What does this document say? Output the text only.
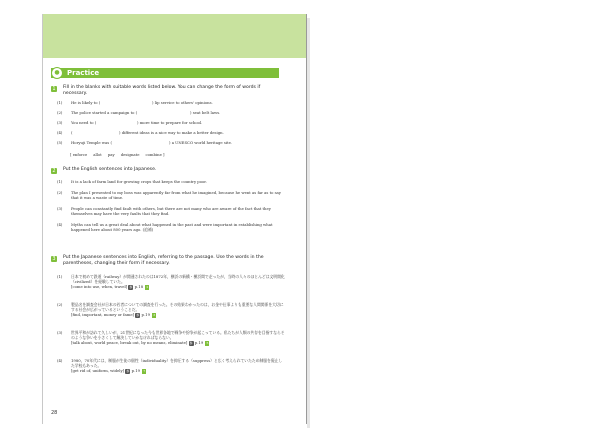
●	Practice
1	Fill in the blanks with suitable words listed below. You can change the form of words if necessary.
(1)	He is likely to (	) lip service to others' opinions.
(2)	The police started a campaign to (	) seat belt laws.
(3)	You need to (	) more time to prepare for school.
(4)	(	) different ideas is a nice way to make a better design.
(5)	Horyuji Temple was (	) a UNESCO world heritage site.
[ enforce     allot     pay     designate     combine ]
2	Put the English sentences into Japanese.
(1)	It is a lack of farm land for growing crops that keeps the country poor.
(2)	The plan I presented to my boss was apparently far from what he imagined, because he went as far as to say that it was a waste of time.
(3)	People can constantly find fault with others, but there are not many who are aware of the fact that they themselves may have the very faults that they find.
(4)	Myths can tell us a great deal about what happened in the past and were important in establishing what happened here about 800 years ago. (追補)
3	Put the Japanese sentences into English, referring to the passage. Use the words in the parentheses, changing their form if necessary.
(1)	日本で初めて鉄道（railway）が開通されたのは1872年，横浜の新橋・横浜間で走ったが，当時の人々のほとんどは文明開化（civilized）を経験していた。
[come into use, when, travel] 参 p.18 2
(2)	製品名を調査会社が日本の若者についての調査を行った。その結果わかったのは，お金や仕事よりも重要な人間関係を大切にする社会が広がっているということだ。
[find, important, money or fame] 参 p.19 3
(3)	世界平和が訪れて久しいが，21世紀になった今も世界各地で戦争や紛争が起こっている。私たちが人類の共存を目指すならそのような争いを小さくして解決していかなければならない。
[talk about, world peace, break out, by no means, eliminate] 参 p.19 5
(4)	1980，70年代には，制服が生徒の個性（individuality）を抑圧する（suppress）と広く考えられていたため制服を廃止した学校もあった。
[get rid of, uniform, widely] 参 p.19 7
28
